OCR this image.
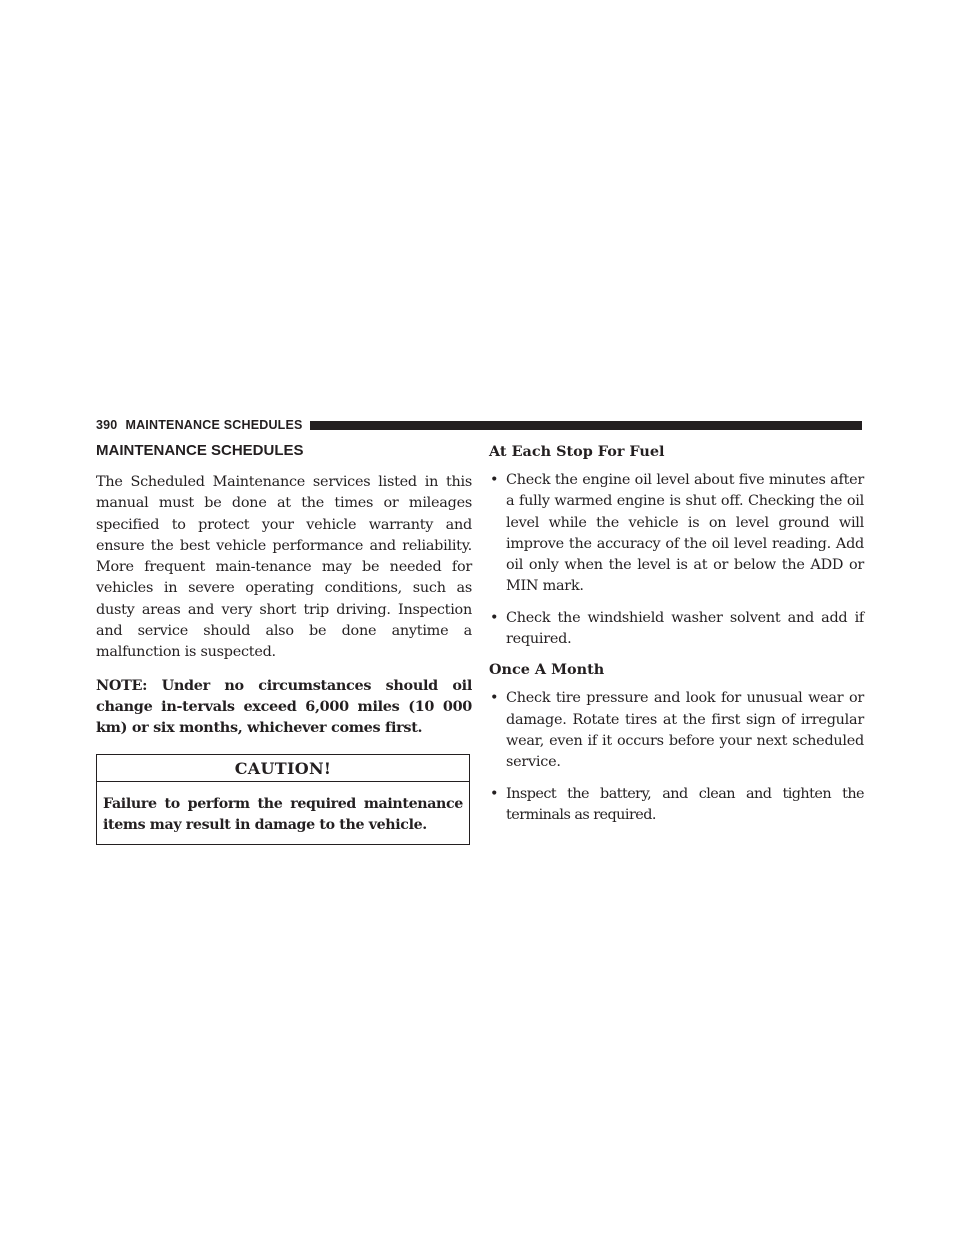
390 MAINTENANCE SCHEDULES
MAINTENANCE SCHEDULES

The Scheduled Maintenance services listed in this manual must be done at the times or mileages specified to protect your vehicle warranty and ensure the best vehicle performance and reliability. More frequent main-tenance may be needed for vehicles in severe operating conditions, such as dusty areas and very short trip driving. Inspection and service should also be done anytime a malfunction is suspected.

NOTE: Under no circumstances should oil change in-tervals exceed 6,000 miles (10 000 km) or six months, whichever comes first.

CAUTION!
Failure to perform the required maintenance items may result in damage to the vehicle.
At Each Stop For Fuel
• Check the engine oil level about five minutes after a fully warmed engine is shut off. Checking the oil level while the vehicle is on level ground will improve the accuracy of the oil level reading. Add oil only when the level is at or below the ADD or MIN mark.
• Check the windshield washer solvent and add if required.
Once A Month
• Check tire pressure and look for unusual wear or damage. Rotate tires at the first sign of irregular wear, even if it occurs before your next scheduled service.
• Inspect the battery, and clean and tighten the terminals as required.
